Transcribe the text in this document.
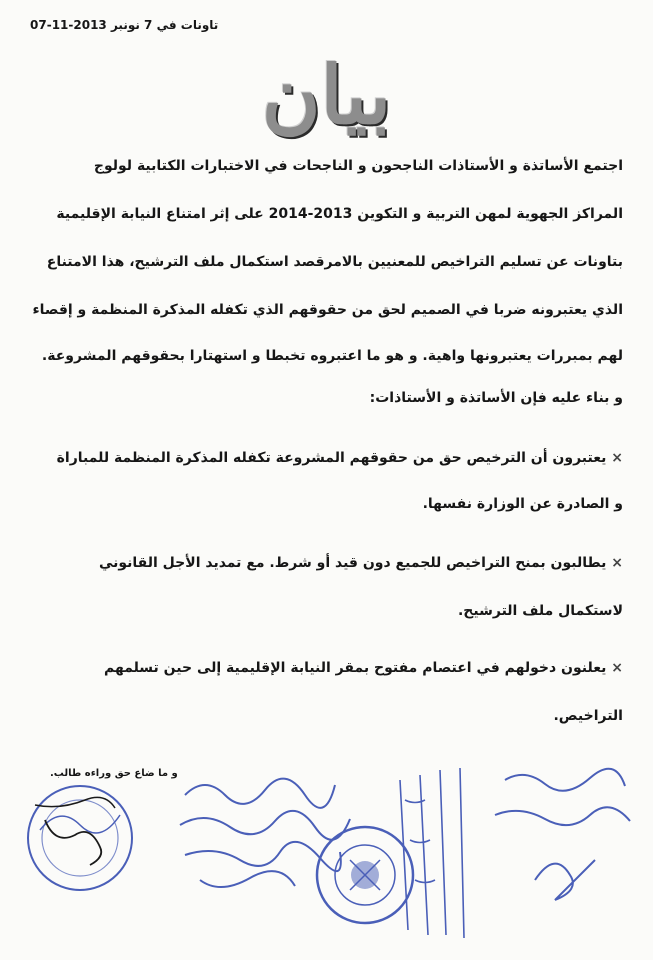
تاونات في 7 نونبر 2013-11-07
بيان
اجتمع الأساتذة و الأستاذات الناجحون و الناجحات في الاختبارات الكتابية لولوج
المراكز الجهوية لمهن التربية و التكوين 2013-2014 على إثر امتناع النيابة الإقليمية
بتاونات عن تسليم التراخيص للمعنيين بالامرقصد استكمال ملف الترشيح، هذا الامتناع
الذي يعتبرونه ضربا في الصميم لحق من حقوقهم الذي تكفله المذكرة المنظمة و إقصاء
لهم بمبررات يعتبرونها واهية. و هو ما اعتبروه تخبطا و استهتارا بحقوقهم المشروعة.
و بناء عليه فإن الأساتذة و الأستاذات:
× يعتبرون أن الترخيص حق من حقوقهم المشروعة تكفله المذكرة المنظمة للمباراة
و الصادرة عن الوزارة نفسها.
× يطالبون بمنح التراخيص للجميع دون قيد أو شرط. مع تمديد الأجل القانوني
لاستكمال ملف الترشيح.
× يعلنون دخولهم في اعتصام مفتوح بمقر النيابة الإقليمية إلى حين تسلمهم
التراخيص.
و ما ضاع حق وراءه طالب.
